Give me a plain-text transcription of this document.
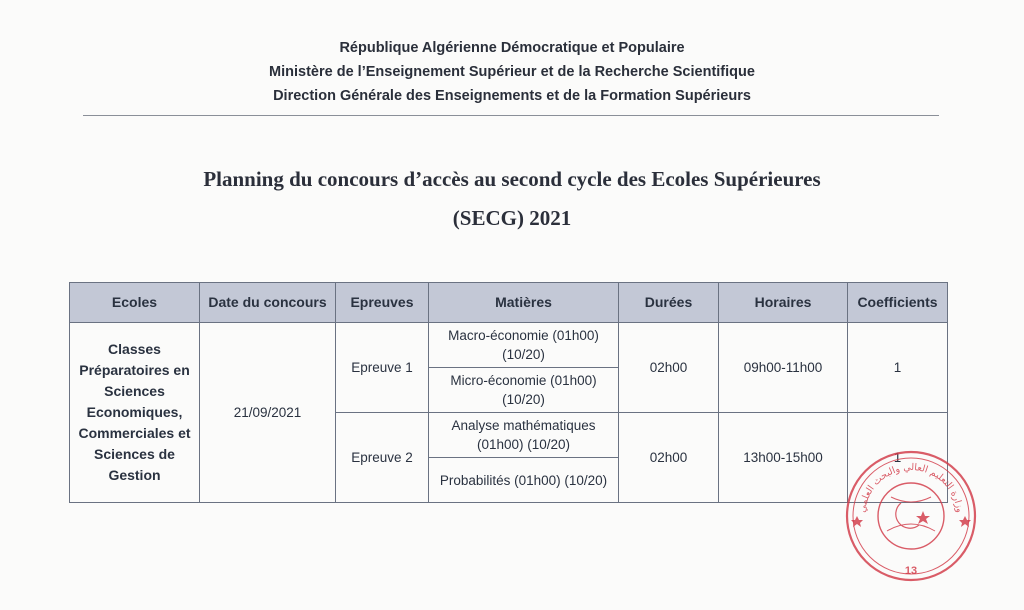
République Algérienne Démocratique et Populaire
Ministère de l’Enseignement Supérieur et de la Recherche Scientifique
Direction Générale des Enseignements et de la Formation Supérieurs
Planning du concours d’accès au second cycle des Ecoles Supérieures
(SECG) 2021
Ecoles	Date du concours	Epreuves	Matières	Durées	Horaires	Coefficients
Classes Préparatoires en Sciences Economiques, Commerciales et Sciences de Gestion	21/09/2021	Epreuve 1	Macro-économie (01h00) (10/20)	02h00	09h00-11h00	1
			Micro-économie (01h00) (10/20)			
		Epreuve 2	Analyse mathématiques (01h00) (10/20)	02h00	13h00-15h00	1
			Probabilités (01h00) (10/20)			
وزارة التعليم العالي والبحث العلمي
13
